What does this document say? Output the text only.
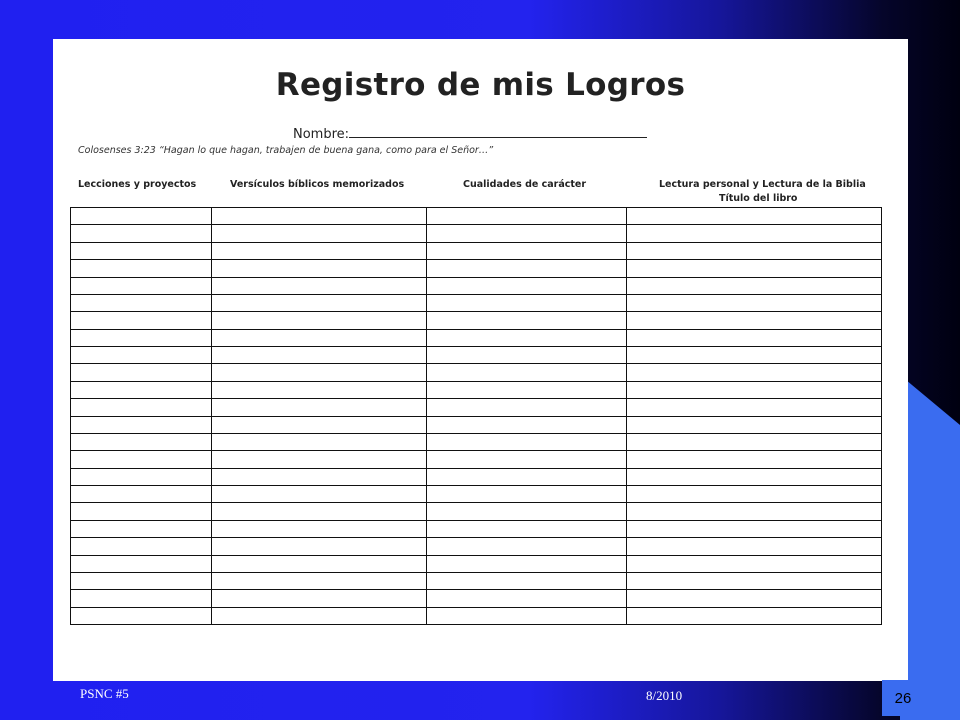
Registro de mis Logros
Nombre:
Colosenses 3:23 “Hagan lo que hagan, trabajen de buena gana, como para el Señor…”
Lecciones y proyectos	Versículos bíblicos memorizados	Cualidades de carácter	Lectura personal y Lectura de la Biblia
Título del libro

PSNC #5	8/2010	26
